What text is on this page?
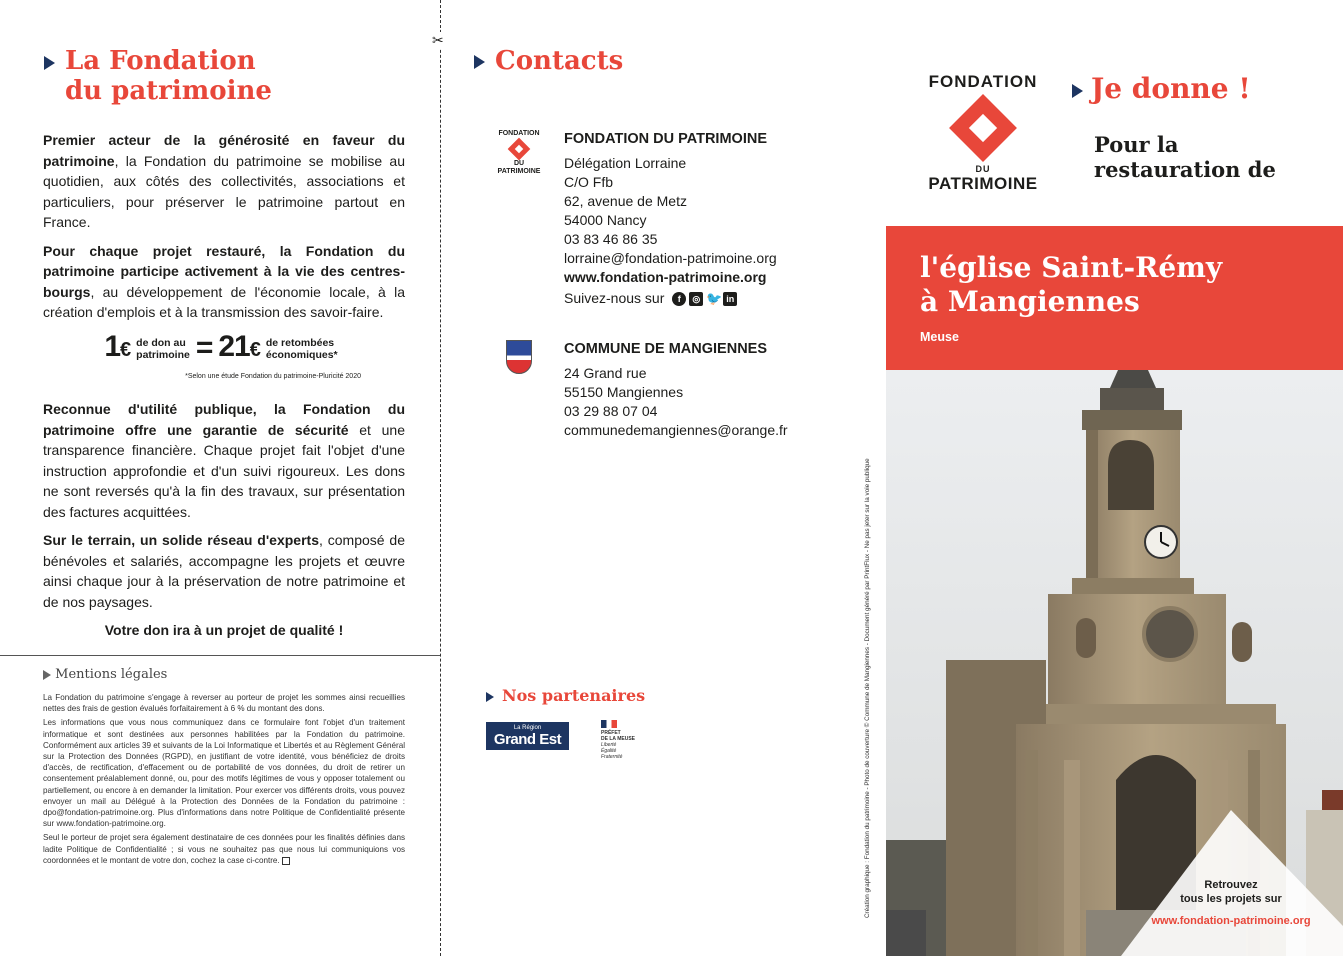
La Fondation
du patrimoine

Premier acteur de la générosité en faveur du patrimoine, la Fondation du patrimoine se mobilise au quotidien, aux côtés des collectivités, associations et particuliers, pour préserver le patrimoine partout en France.

Pour chaque projet restauré, la Fondation du patrimoine participe activement à la vie des centres-bourgs, au développement de l'économie locale, à la création d'emplois et à la transmission des savoir-faire.

1€ de don au
patrimoine = 21€ de retombées
économiques*
*Selon une étude Fondation du patrimoine-Pluricité 2020

Reconnue d'utilité publique, la Fondation du patrimoine offre une garantie de sécurité et une transparence financière. Chaque projet fait l'objet d'une instruction approfondie et d'un suivi rigoureux. Les dons ne sont reversés qu'à la fin des travaux, sur présentation des factures acquittées.

Sur le terrain, un solide réseau d'experts, composé de bénévoles et salariés, accompagne les projets et œuvre ainsi chaque jour à la préservation de notre patrimoine et de nos paysages.

Votre don ira à un projet de qualité !

Mentions légales

La Fondation du patrimoine s'engage à reverser au porteur de projet les sommes ainsi recueillies nettes des frais de gestion évalués forfaitairement à 6 % du montant des dons.

Les informations que vous nous communiquez dans ce formulaire font l'objet d'un traitement informatique et sont destinées aux personnes habilitées par la Fondation du patrimoine. Conformément aux articles 39 et suivants de la Loi Informatique et Libertés et au Règlement Général sur la Protection des Données (RGPD), en justifiant de votre identité, vous bénéficiez de droits d'accès, de rectification, d'effacement ou de portabilité de vos données, du droit de retirer un consentement préalablement donné, ou, pour des motifs légitimes de vous y opposer totalement ou partiellement, ou encore à en demander la limitation. Pour exercer vos différents droits, vous pouvez envoyer un mail au Délégué à la Protection des Données de la Fondation du patrimoine : dpo@fondation-patrimoine.org. Plus d'informations dans notre Politique de Confidentialité présente sur www.fondation-patrimoine.org.

Seul le porteur de projet sera également destinataire de ces données pour les finalités définies dans ladite Politique de Confidentialité ; si vous ne souhaitez pas que nous lui communiquions vos coordonnées et le montant de votre don, cochez la case ci-contre.

✂
Contacts
FONDATION
DU
PATRIMOINE
FONDATION DU PATRIMOINE
Délégation Lorraine
C/O Ffb
62, avenue de Metz
54000 Nancy
03 83 46 86 35
lorraine@fondation-patrimoine.org
www.fondation-patrimoine.org
Suivez-nous sur	f	◎ 🐦 in
COMMUNE DE MANGIENNES
24 Grand rue
55150 Mangiennes
03 29 88 07 04
communedemangiennes@orange.fr
Nos partenaires
La Région
Grand Est	PRÉFET
DE LA MEUSE
Liberté
Égalité
Fraternité	Création graphique : Fondation du patrimoine - Photo de couverture © Commune de Mangiennes - Document généré par PrintFlux - Ne pas jeter sur la voie publique
FONDATION
DU
PATRIMOINE
Je donne !
Pour la
restauration de
l'église Saint-Rémy
à Mangiennes
Meuse
Retrouvez
tous les projets sur
www.fondation-patrimoine.org
